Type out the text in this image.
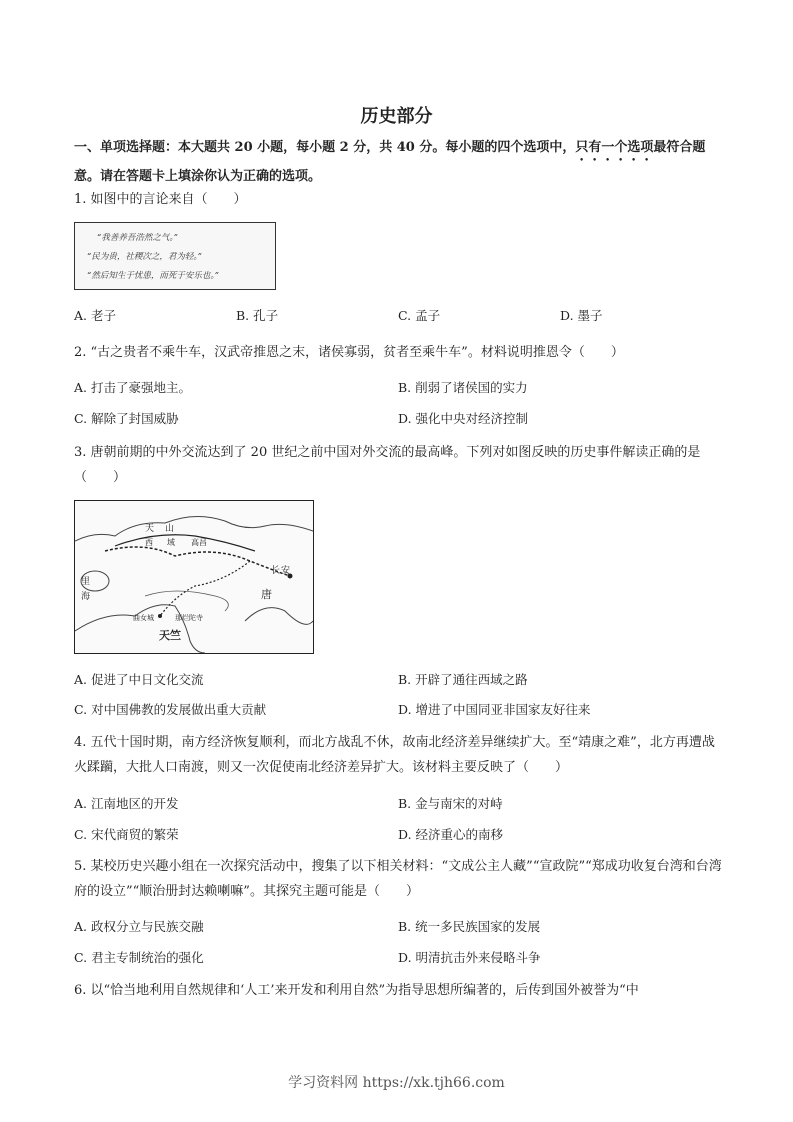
历史部分
一、单项选择题：本大题共 20 小题，每小题 2 分，共 40 分。每小题的四个选项中，只有一个选项最符合题意。请在答题卡上填涂你认为正确的选项。
1. 如图中的言论来自（　　）
“我善养吾浩然之气。”
“民为贵，社稷次之，君为轻。”
“然后知生于忧患，而死于安乐也。”
A. 老子	B. 孔子	C. 孟子	D. 墨子
2. “古之贵者不乘牛车，汉武帝推恩之末，诸侯寡弱，贫者至乘牛车”。材料说明推恩令（　　）
A. 打击了豪强地主。	B. 削弱了诸侯国的实力
C. 解除了封国威胁	D. 强化中央对经济控制
3. 唐朝前期的中外交流达到了 20 世纪之前中国对外交流的最高峰。下列对如图反映的历史事件解读正确的是（　　）
天 山
西 域 高昌
安
长
唐
里
海
天竺
曲女城	那烂陀寺
A. 促进了中日文化交流	B. 开辟了通往西域之路
C. 对中国佛教的发展做出重大贡献	D. 增进了中国同亚非国家友好往来
4. 五代十国时期，南方经济恢复顺利，而北方战乱不休，故南北经济差异继续扩大。至“靖康之难”，北方再遭战火蹂躏，大批人口南渡，则又一次促使南北经济差异扩大。该材料主要反映了（　　）
A. 江南地区的开发	B. 金与南宋的对峙
C. 宋代商贸的繁荣	D. 经济重心的南移
5. 某校历史兴趣小组在一次探究活动中，搜集了以下相关材料：“文成公主人藏”“宣政院”“郑成功收复台湾和台湾府的设立”“顺治册封达赖喇嘛”。其探究主题可能是（　　）
A. 政权分立与民族交融	B. 统一多民族国家的发展
C. 君主专制统治的强化	D. 明清抗击外来侵略斗争
6. 以“恰当地利用自然规律和‘人工’来开发和利用自然”为指导思想所编著的，后传到国外被誉为“中
学习资料网 https://xk.tjh66.com
